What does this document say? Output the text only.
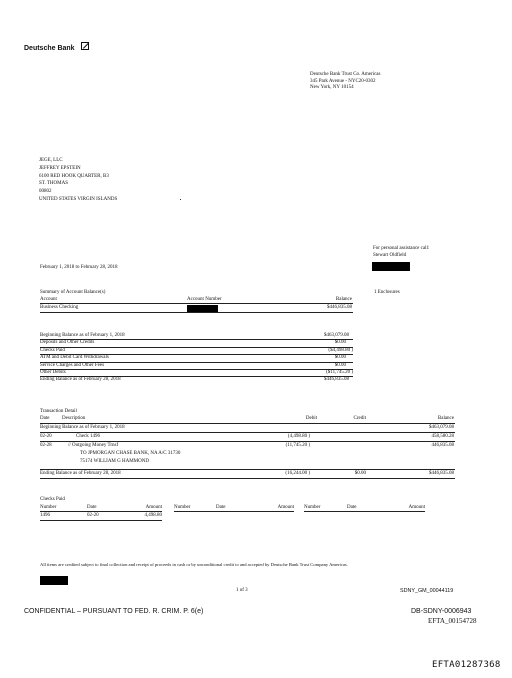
Deutsche Bank
Deutsche Bank Trust Co. Americas
345 Park Avenue - NYC20-0302
New York, NY 10154
JEGE, LLC
JEFFREY EPSTEIN
6100 RED HOOK QUARTER, B3
ST. THOMAS
00802
UNITED STATES VIRGIN ISLANDS
For personal assistance call:
Stewart Oldfield
February 1, 2018 to February 28, 2018
Summary of Account Balance(s)	1 Enclosures
Account	Account Number	Balance
Business Checking	$446,835.08
Beginning Balance as of February 1, 2018	$463,079.08
Deposits and Other Credits	$0.00
Checks Paid	($4,498.80 )
ATM and Debit Card Withdrawals	$0.00
Service Charges and Other Fees	$0.00
Other Debits	($11,745.20 )
Ending Balance as of February 28, 2018	$446,835.08
Transaction Detail
Date	Description	Debit	Credit	Balance
Beginning Balance as of February 1, 2018	$463,079.08
02-20	Check 1496	(4,498.80 )	458,580.28
02-28	// Outgoing Money Trnsf	(11,745.20 )	446,835.08
TO JPMORGAN CHASE BANK, NA A/C 31730
75174 WILLIAM G HAMMOND
Ending Balance as of February 28, 2018	(16,244.00 )	$0.00	$446,835.08
Checks Paid
Number	Date	Amount Number	Date	Amount Number	Date	Amount
1496	02-20	4,498.80
All items are credited subject to final collection and receipt of proceeds in cash or by unconditional credit to and accepted by Deutsche Bank Trust Company Americas.
1 of 3	SDNY_GM_00044119
CONFIDENTIAL – PURSUANT TO FED. R. CRIM. P. 6(e)	DB-SDNY-0006943
EFTA_00154728
EFTA01287368
